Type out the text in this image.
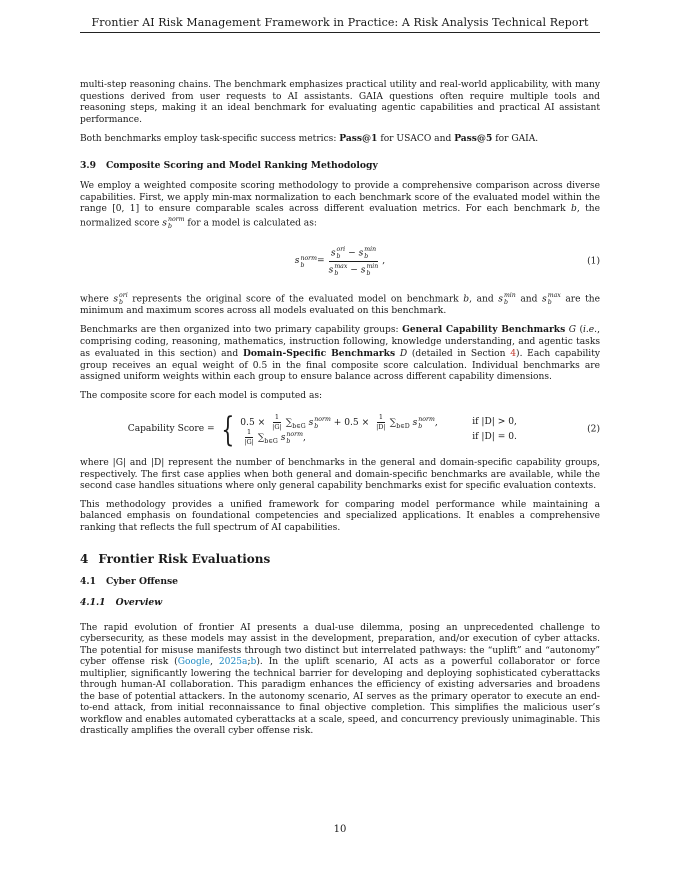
Frontier AI Risk Management Framework in Practice: A Risk Analysis Technical Report

multi-step reasoning chains. The benchmark emphasizes practical utility and real-world applicability, with many questions derived from user requests to AI assistants. GAIA questions often require multiple tools and reasoning steps, making it an ideal benchmark for evaluating agentic capabilities and practical AI assistant performance.

Both benchmarks employ task-specific success metrics: Pass@1 for USACO and Pass@5 for GAIA.

3.9 Composite Scoring and Model Ranking Methodology

We employ a weighted composite scoring methodology to provide a comprehensive comparison across diverse capabilities. First, we apply min-max normalization to each benchmark score of the evaluated model within the range [0, 1] to ensure comparable scales across different evaluation metrics. For each benchmark b, the normalized score s norm
b	for a model is calculated as:

s norm
b	= s ori
b − s min
b
s max
b − s min
b ,	(1)

where s ori
b represents the original score of the evaluated model on benchmark b, and s min
b and s max
b are the minimum and maximum scores across all models evaluated on this benchmark.

Benchmarks are then organized into two primary capability groups: General Capability Benchmarks G (i.e., comprising coding, reasoning, mathematics, instruction following, knowledge understanding, and agentic tasks as evaluated in this section) and Domain-Specific Benchmarks D (detailed in Section 4). Each capability group receives an equal weight of 0.5 in the final composite score calculation. Individual benchmarks are assigned uniform weights within each group to ensure balance across different capability dimensions.

The composite score for each model is computed as:

Capability Score = { $0.5 \times \frac{1}{|G|} \sum_{b\in G}$ s norm
b	+ $0.5 \times \frac{1}{|D|} \sum_{b\in D}$ s norm
b	,	if |D| > 0,
$\frac{1}{|G|} \sum_{b\in G}$ s norm
b	,	if |D| = 0.
(2)

where |G| and |D| represent the number of benchmarks in the general and domain-specific capability groups, respectively. The first case applies when both general and domain-specific benchmarks are available, while the second case handles situations where only general capability benchmarks exist for specific evaluation contexts.

This methodology provides a unified framework for comparing model performance while maintaining a balanced emphasis on foundational competencies and specialized applications. It enables a comprehensive ranking that reflects the full spectrum of AI capabilities.

4 Frontier Risk Evaluations
4.1 Cyber Offense
4.1.1 Overview

The rapid evolution of frontier AI presents a dual-use dilemma, posing an unprecedented challenge to cybersecurity, as these models may assist in the development, preparation, and/or execution of cyber attacks. The potential for misuse manifests through two distinct but interrelated pathways: the “uplift” and “autonomy” cyber offense risk (Google, 2025a;b). In the uplift scenario, AI acts as a powerful collaborator or force multiplier, significantly lowering the technical barrier for developing and deploying sophisticated cyberattacks through human-AI collaboration. This paradigm enhances the efficiency of existing adversaries and broadens the base of potential attackers. In the autonomy scenario, AI serves as the primary operator to execute an end-to-end attack, from initial reconnaissance to final objective completion. This simplifies the malicious user’s workflow and enables automated cyberattacks at a scale, speed, and concurrency previously unimaginable. This drastically amplifies the overall cyber offense risk.

10
